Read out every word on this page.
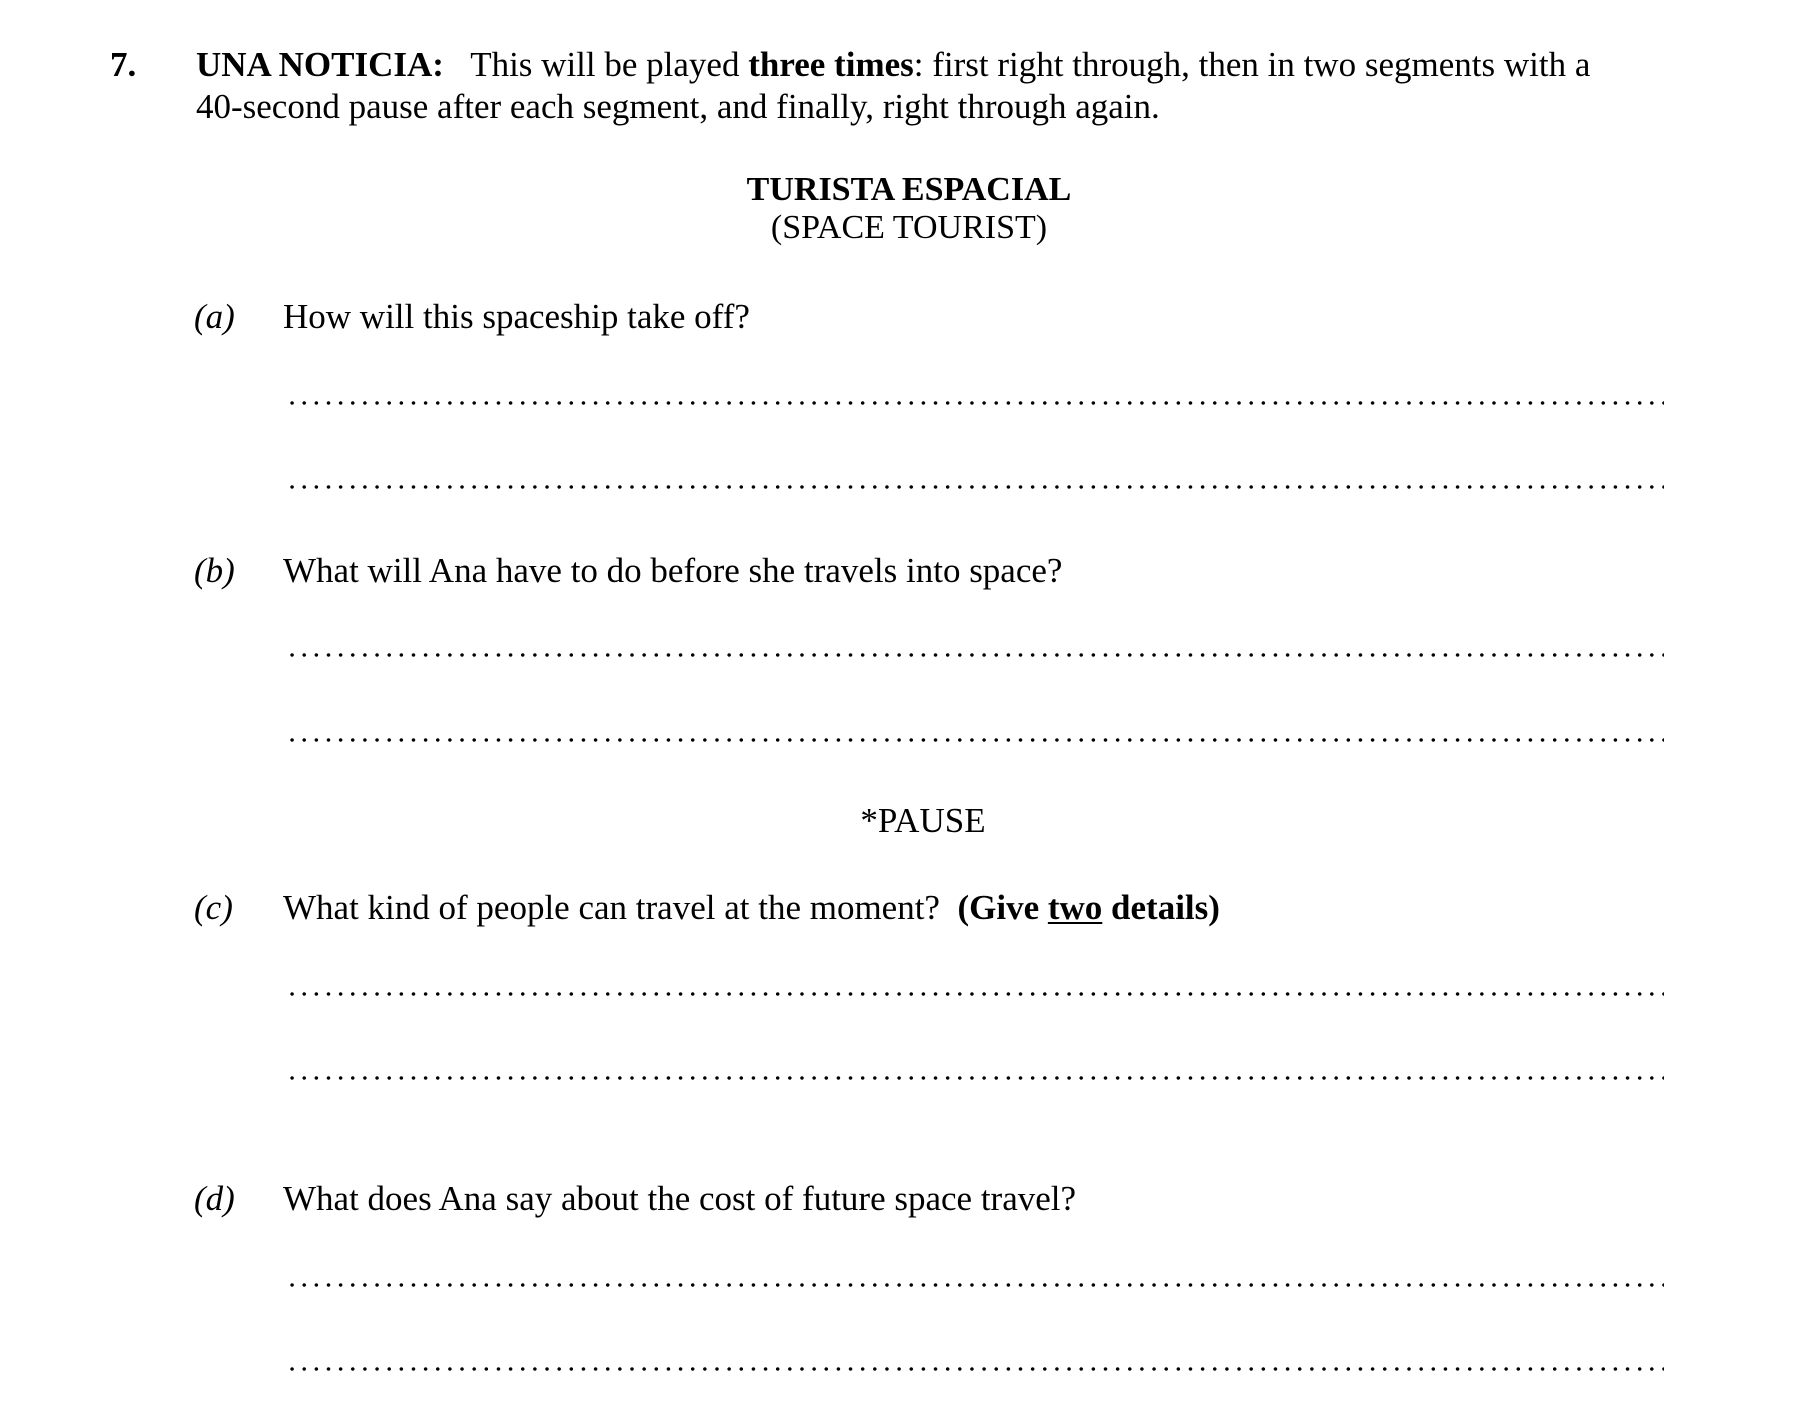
7. UNA NOTICIA: This will be played three times: first right through, then in two segments with a
40-second pause after each segment, and finally, right through again.
TURISTA ESPACIAL
(SPACE TOURIST)
(a) How will this spaceship take off?
(b) What will Ana have to do before she travels into space?
*PAUSE
(c) What kind of people can travel at the moment? (Give two details)
(d) What does Ana say about the cost of future space travel?
